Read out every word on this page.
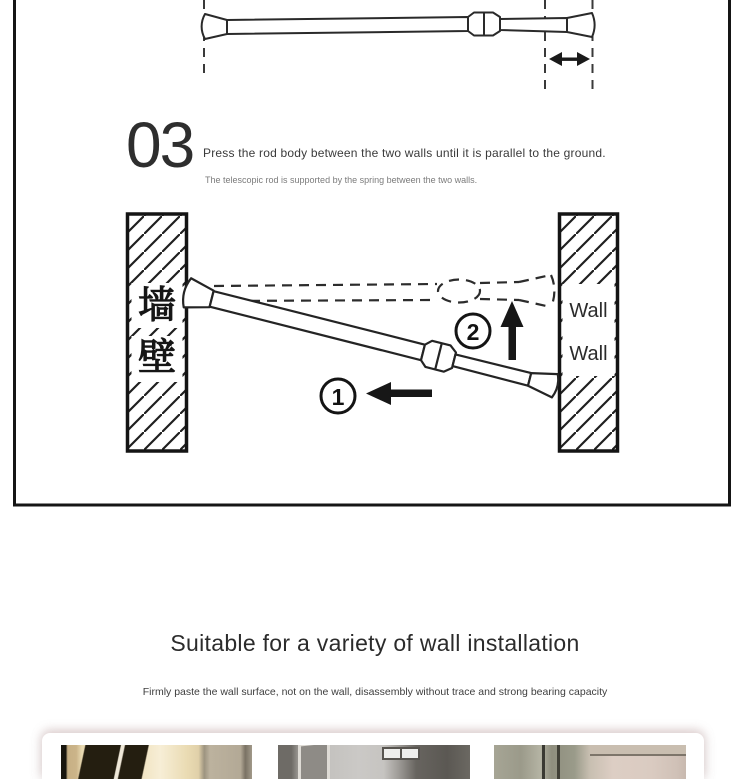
03 Press the rod body between the two walls until it is parallel to the ground.
The telescopic rod is supported by the spring between the two walls.
墙
壁
Wall
Wall
1
2
Suitable for a variety of wall installation
Firmly paste the wall surface, not on the wall, disassembly without trace and strong bearing capacity
